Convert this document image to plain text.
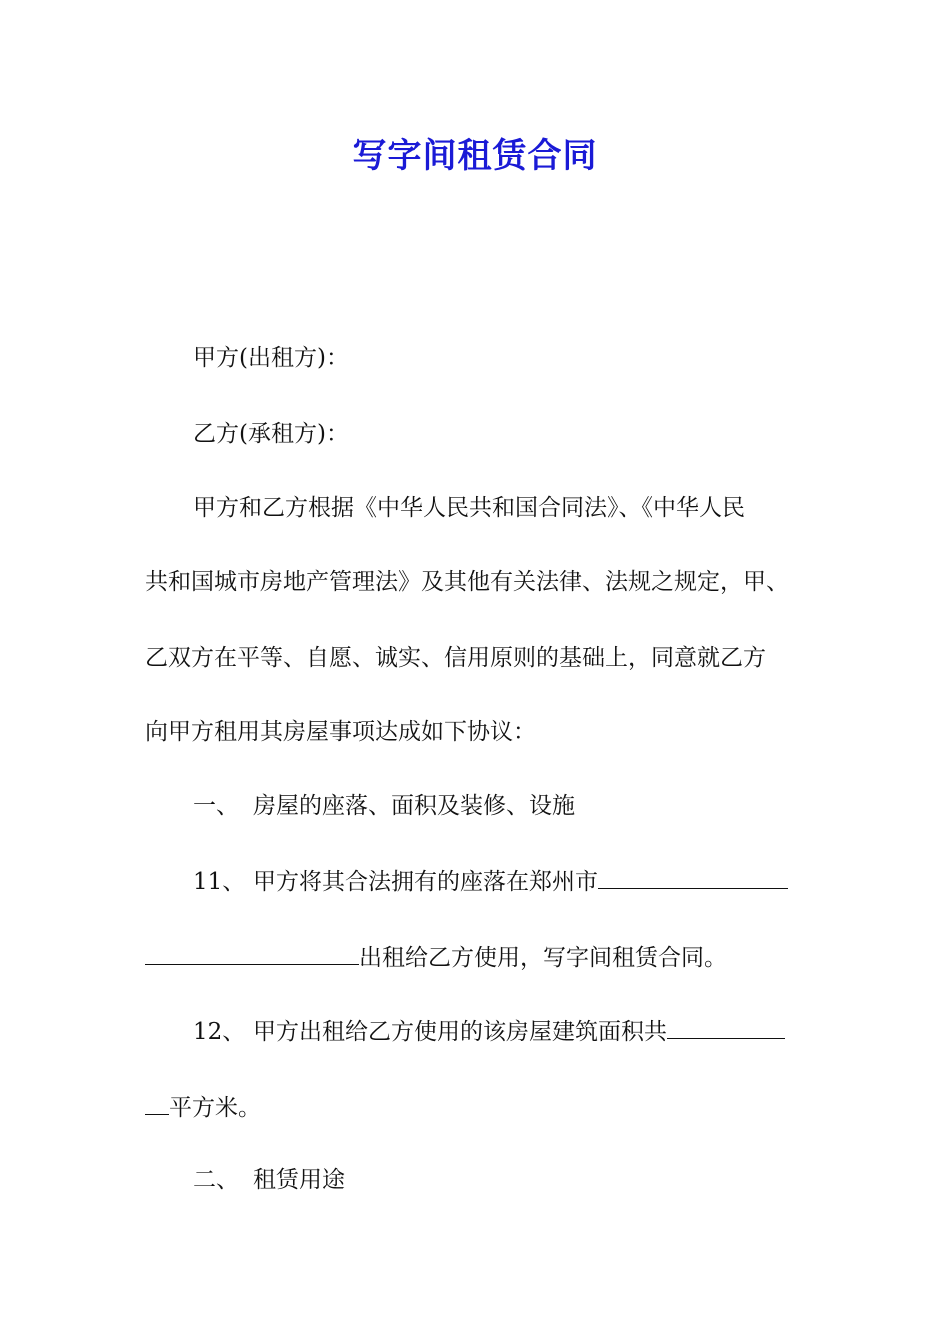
写字间租赁合同
甲方(出租方)：
乙方(承租方)：
甲方和乙方根据《中华人民共和国合同法》、《中华人民
共和国城市房地产管理法》及其他有关法律、法规之规定，甲、
乙双方在平等、自愿、诚实、信用原则的基础上，同意就乙方
向甲方租用其房屋事项达成如下协议：
一、 房屋的座落、面积及装修、设施
11、 甲方将其合法拥有的座落在郑州市
出租给乙方使用，写字间租赁合同。
12、 甲方出租给乙方使用的该房屋建筑面积共
平方米。
二、 租赁用途
